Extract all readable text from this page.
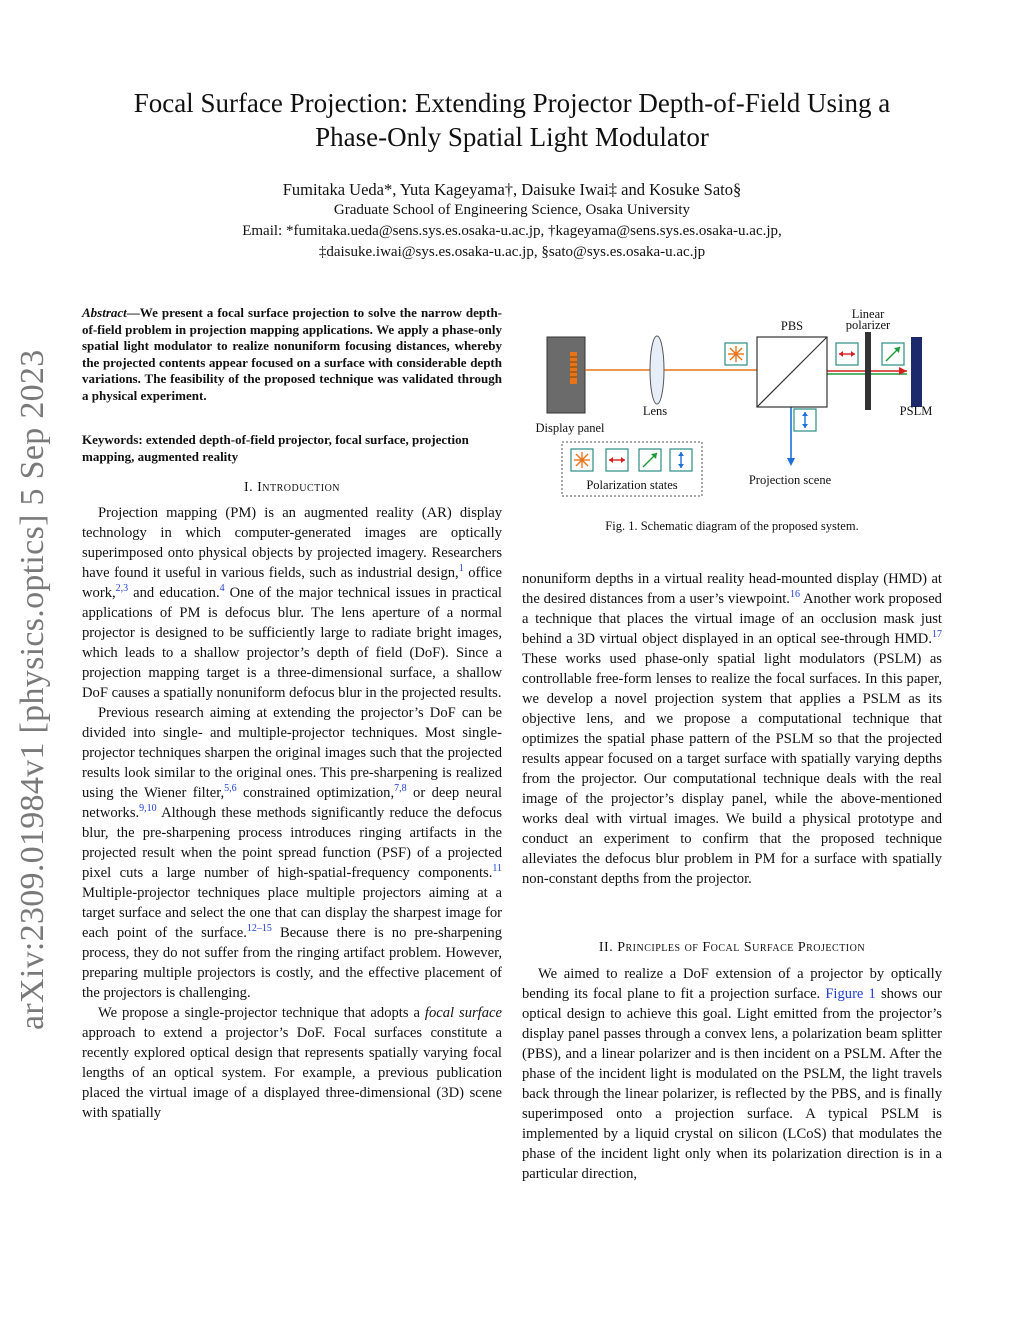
arXiv:2309.01984v1 [physics.optics] 5 Sep 2023
Focal Surface Projection: Extending Projector Depth-of-Field Using a
Phase-Only Spatial Light Modulator
Fumitaka Ueda*, Yuta Kageyama†, Daisuke Iwai‡ and Kosuke Sato§
Graduate School of Engineering Science, Osaka University
Email: *fumitaka.ueda@sens.sys.es.osaka-u.ac.jp, †kageyama@sens.sys.es.osaka-u.ac.jp,
‡daisuke.iwai@sys.es.osaka-u.ac.jp, §sato@sys.es.osaka-u.ac.jp
Abstract—We present a focal surface projection to solve the narrow depth-of-field problem in projection mapping applications. We apply a phase-only spatial light modulator to realize nonuniform focusing distances, whereby the projected contents appear focused on a surface with considerable depth variations. The feasibility of the proposed technique was validated through a physical experiment.
Keywords: extended depth-of-field projector, focal surface, projection mapping, augmented reality
I. Introduction

Projection mapping (PM) is an augmented reality (AR) display technology in which computer-generated images are optically superimposed onto physical objects by projected imagery. Researchers have found it useful in various fields, such as industrial design,$^1$ office work,$^{2,3}$ and education.$^4$ One of the major technical issues in practical applications of PM is defocus blur. The lens aperture of a normal projector is designed to be sufficiently large to radiate bright images, which leads to a shallow projector’s depth of field (DoF). Since a projection mapping target is a three-dimensional surface, a shallow DoF causes a spatially nonuniform defocus blur in the projected results.

Previous research aiming at extending the projector’s DoF can be divided into single- and multiple-projector techniques. Most single-projector techniques sharpen the original images such that the projected results look similar to the original ones. This pre-sharpening is realized using the Wiener filter,$^{5,6}$ constrained optimization,$^{7,8}$ or deep neural networks.$^{9,10}$ Although these methods significantly reduce the defocus blur, the pre-sharpening process introduces ringing artifacts in the projected result when the point spread function (PSF) of a projected pixel cuts a large number of high-spatial-frequency components.$^{11}$ Multiple-projector techniques place multiple projectors aiming at a target surface and select the one that can display the sharpest image for each point of the surface.$^{12-15}$ Because there is no pre-sharpening process, they do not suffer from the ringing artifact problem. However, preparing multiple projectors is costly, and the effective placement of the projectors is challenging.

We propose a single-projector technique that adopts a focal surface approach to extend a projector’s DoF. Focal surfaces constitute a recently explored optical design that represents spatially varying focal lengths of an optical system. For example, a previous publication placed the virtual image of a displayed three-dimensional (3D) scene with spatially

PBS
Linear
polarizer
Lens	PSLM
Display panel
Polarization states	Projection scene
Fig. 1. Schematic diagram of the proposed system.

nonuniform depths in a virtual reality head-mounted display (HMD) at the desired distances from a user’s viewpoint.$^{16}$ Another work proposed a technique that places the virtual image of an occlusion mask just behind a 3D virtual object displayed in an optical see-through HMD.$^{17}$ These works used phase-only spatial light modulators (PSLM) as controllable free-form lenses to realize the focal surfaces. In this paper, we develop a novel projection system that applies a PSLM as its objective lens, and we propose a computational technique that optimizes the spatial phase pattern of the PSLM so that the projected results appear focused on a target surface with spatially varying depths from the projector. Our computational technique deals with the real image of the projector’s display panel, while the above-mentioned works deal with virtual images. We build a physical prototype and conduct an experiment to confirm that the proposed technique alleviates the defocus blur problem in PM for a surface with spatially non-constant depths from the projector.

II. Principles of Focal Surface Projection

We aimed to realize a DoF extension of a projector by optically bending its focal plane to fit a projection surface. Figure 1 shows our optical design to achieve this goal. Light emitted from the projector’s display panel passes through a convex lens, a polarization beam splitter (PBS), and a linear polarizer and is then incident on a PSLM. After the phase of the incident light is modulated on the PSLM, the light travels back through the linear polarizer, is reflected by the PBS, and is finally superimposed onto a projection surface. A typical PSLM is implemented by a liquid crystal on silicon (LCoS) that modulates the phase of the incident light only when its polarization direction is in a particular direction,
